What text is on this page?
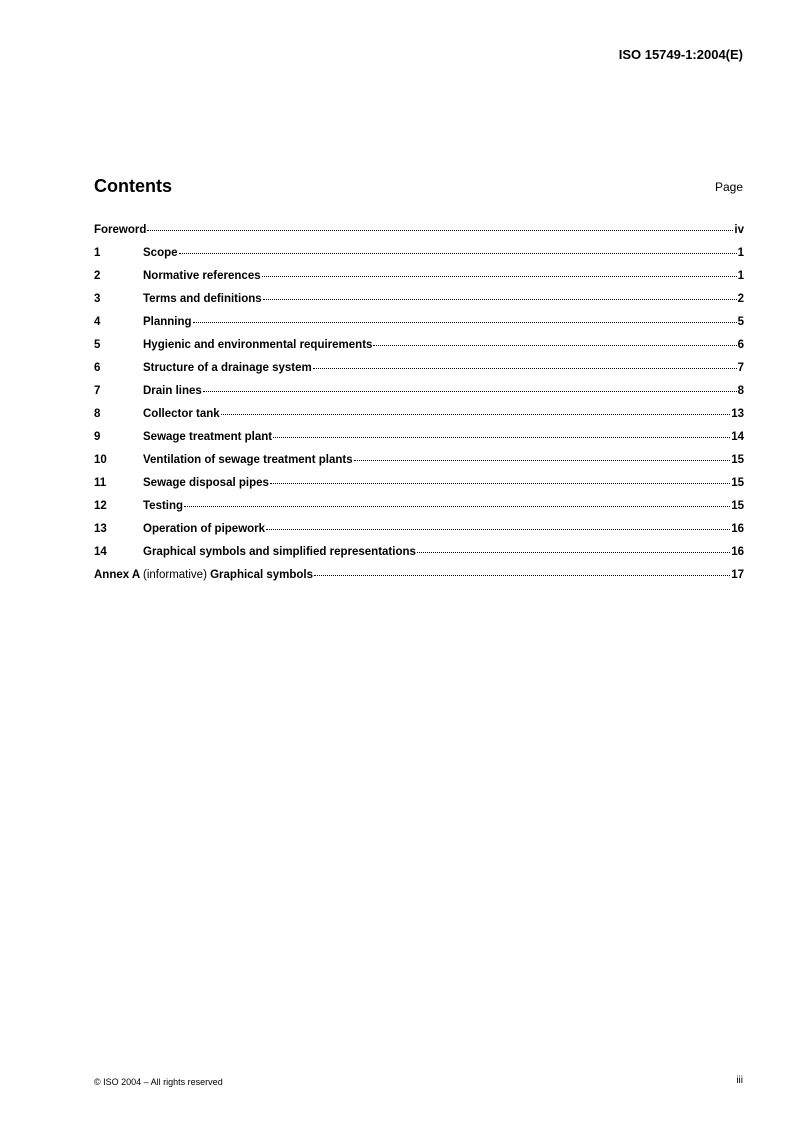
ISO 15749-1:2004(E)
Contents	Page
Foreword	iv
1	Scope	1
2	Normative references	1
3	Terms and definitions	2
4	Planning	5
5	Hygienic and environmental requirements	6
6	Structure of a drainage system	7
7	Drain lines	8
8	Collector tank	13
9	Sewage treatment plant	14
10	Ventilation of sewage treatment plants	15
11	Sewage disposal pipes	15
12	Testing	15
13	Operation of pipework	16
14	Graphical symbols and simplified representations	16
Annex A (informative) Graphical symbols	17
© ISO 2004 – All rights reserved	iii
